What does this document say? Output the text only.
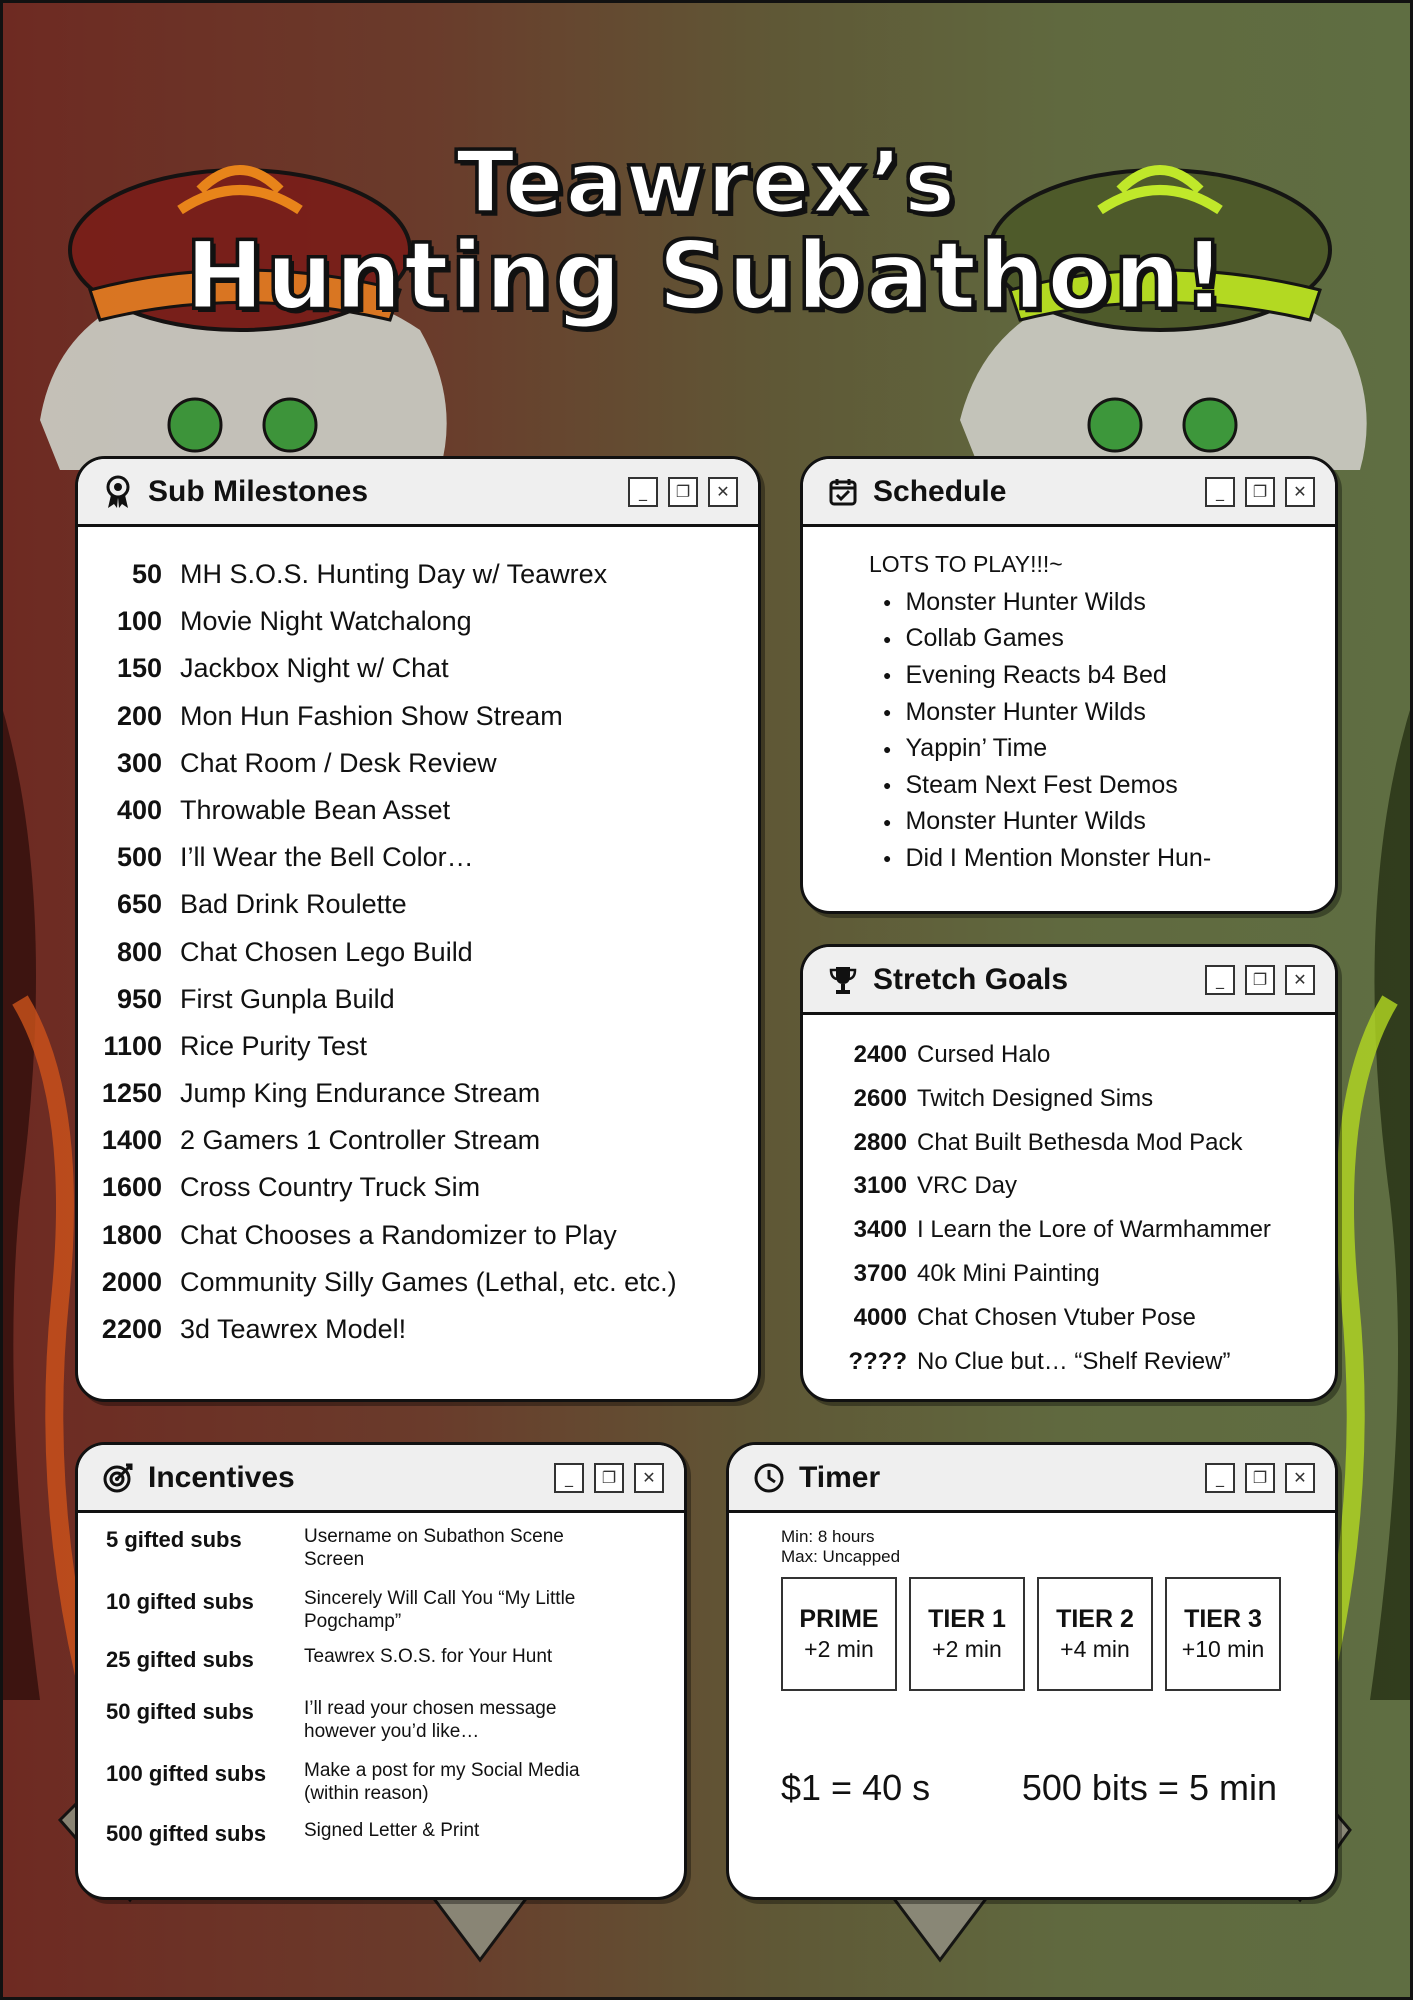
Teawrex’s
Hunting Subathon!
Sub Milestones	_	❐	✕
50 MH S.O.S. Hunting Day w/ Teawrex
100 Movie Night Watchalong
150 Jackbox Night w/ Chat
200 Mon Hun Fashion Show Stream
300 Chat Room / Desk Review
400 Throwable Bean Asset
500 I’ll Wear the Bell Color…
650 Bad Drink Roulette
800 Chat Chosen Lego Build
950 First Gunpla Build
1100 Rice Purity Test
1250 Jump King Endurance Stream
1400 2 Gamers 1 Controller Stream
1600 Cross Country Truck Sim
1800 Chat Chooses a Randomizer to Play
2000 Community Silly Games (Lethal, etc. etc.)
2200 3d Teawrex Model!
Schedule	_	❐	✕
LOTS TO PLAY!!!~
● Monster Hunter Wilds
● Collab Games
● Evening Reacts b4 Bed
● Monster Hunter Wilds
● Yappin’ Time
● Steam Next Fest Demos
● Monster Hunter Wilds
● Did I Mention Monster Hun-
Stretch Goals	_	❐	✕
2400 Cursed Halo
2600 Twitch Designed Sims
2800 Chat Built Bethesda Mod Pack
3100 VRC Day
3400 I Learn the Lore of Warmhammer
3700 40k Mini Painting
4000 Chat Chosen Vtuber Pose
???? No Clue but… “Shelf Review”
Incentives	_	❐	✕
5 gifted subs	Username on Subathon Scene Screen
10 gifted subs	Sincerely Will Call You “My Little Pogchamp”
25 gifted subs	Teawrex S.O.S. for Your Hunt
50 gifted subs	I’ll read your chosen message however you’d like…
100 gifted subs	Make a post for my Social Media (within reason)
500 gifted subs	Signed Letter & Print
Timer	_	❐	✕
Min: 8 hours
Max: Uncapped
PRIME
+2 min
TIER 1
+2 min
TIER 2
+4 min
TIER 3
+10 min
$1 = 40 s	500 bits = 5 min
